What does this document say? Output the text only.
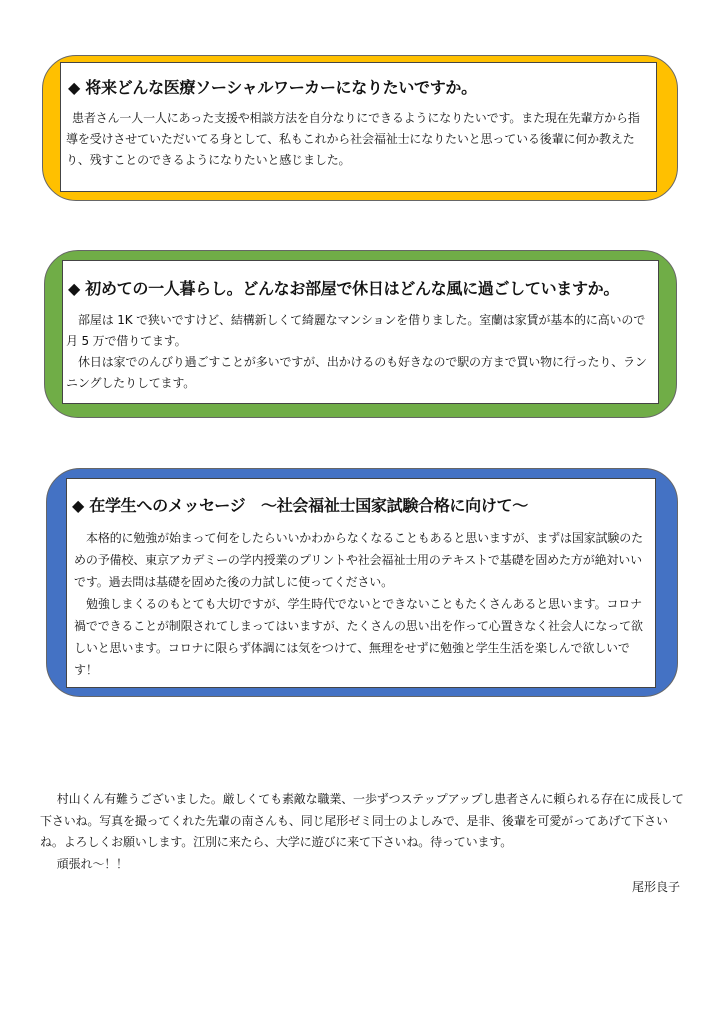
◆ 将来どんな医療ソーシャルワーカーになりたいですか。

患者さん一人一人にあった支援や相談方法を自分なりにできるようになりたいです。また現在先輩方から指導を受けさせていただいてる身として、私もこれから社会福祉士になりたいと思っている後輩に何か教えたり、残すことのできるようになりたいと感じました。

◆ 初めての一人暮らし。どんなお部屋で休日はどんな風に過ごしていますか。

部屋は 1K で狭いですけど、結構新しくて綺麗なマンションを借りました。室蘭は家賃が基本的に高いので月 5 万で借りてます。

休日は家でのんびり過ごすことが多いですが、出かけるのも好きなので駅の方まで買い物に行ったり、ランニングしたりしてます。

◆ 在学生へのメッセージ　～社会福祉士国家試験合格に向けて～

本格的に勉強が始まって何をしたらいいかわからなくなることもあると思いますが、まずは国家試験のための予備校、東京アカデミーの学内授業のプリントや社会福祉士用のテキストで基礎を固めた方が絶対いいです。過去問は基礎を固めた後の力試しに使ってください。

勉強しまくるのもとても大切ですが、学生時代でないとできないこともたくさんあると思います。コロナ禍でできることが制限されてしまってはいますが、たくさんの思い出を作って心置きなく社会人になって欲しいと思います。コロナに限らず体調には気をつけて、無理をせずに勉強と学生生活を楽しんで欲しいです！

村山くん有難うございました。厳しくても素敵な職業、一歩ずつステップアップし患者さんに頼られる存在に成長して下さいね。写真を撮ってくれた先輩の南さんも、同じ尾形ゼミ同士のよしみで、是非、後輩を可愛がってあげて下さいね。よろしくお願いします。江別に来たら、大学に遊びに来て下さいね。待っています。

頑張れ～！！

尾形良子
